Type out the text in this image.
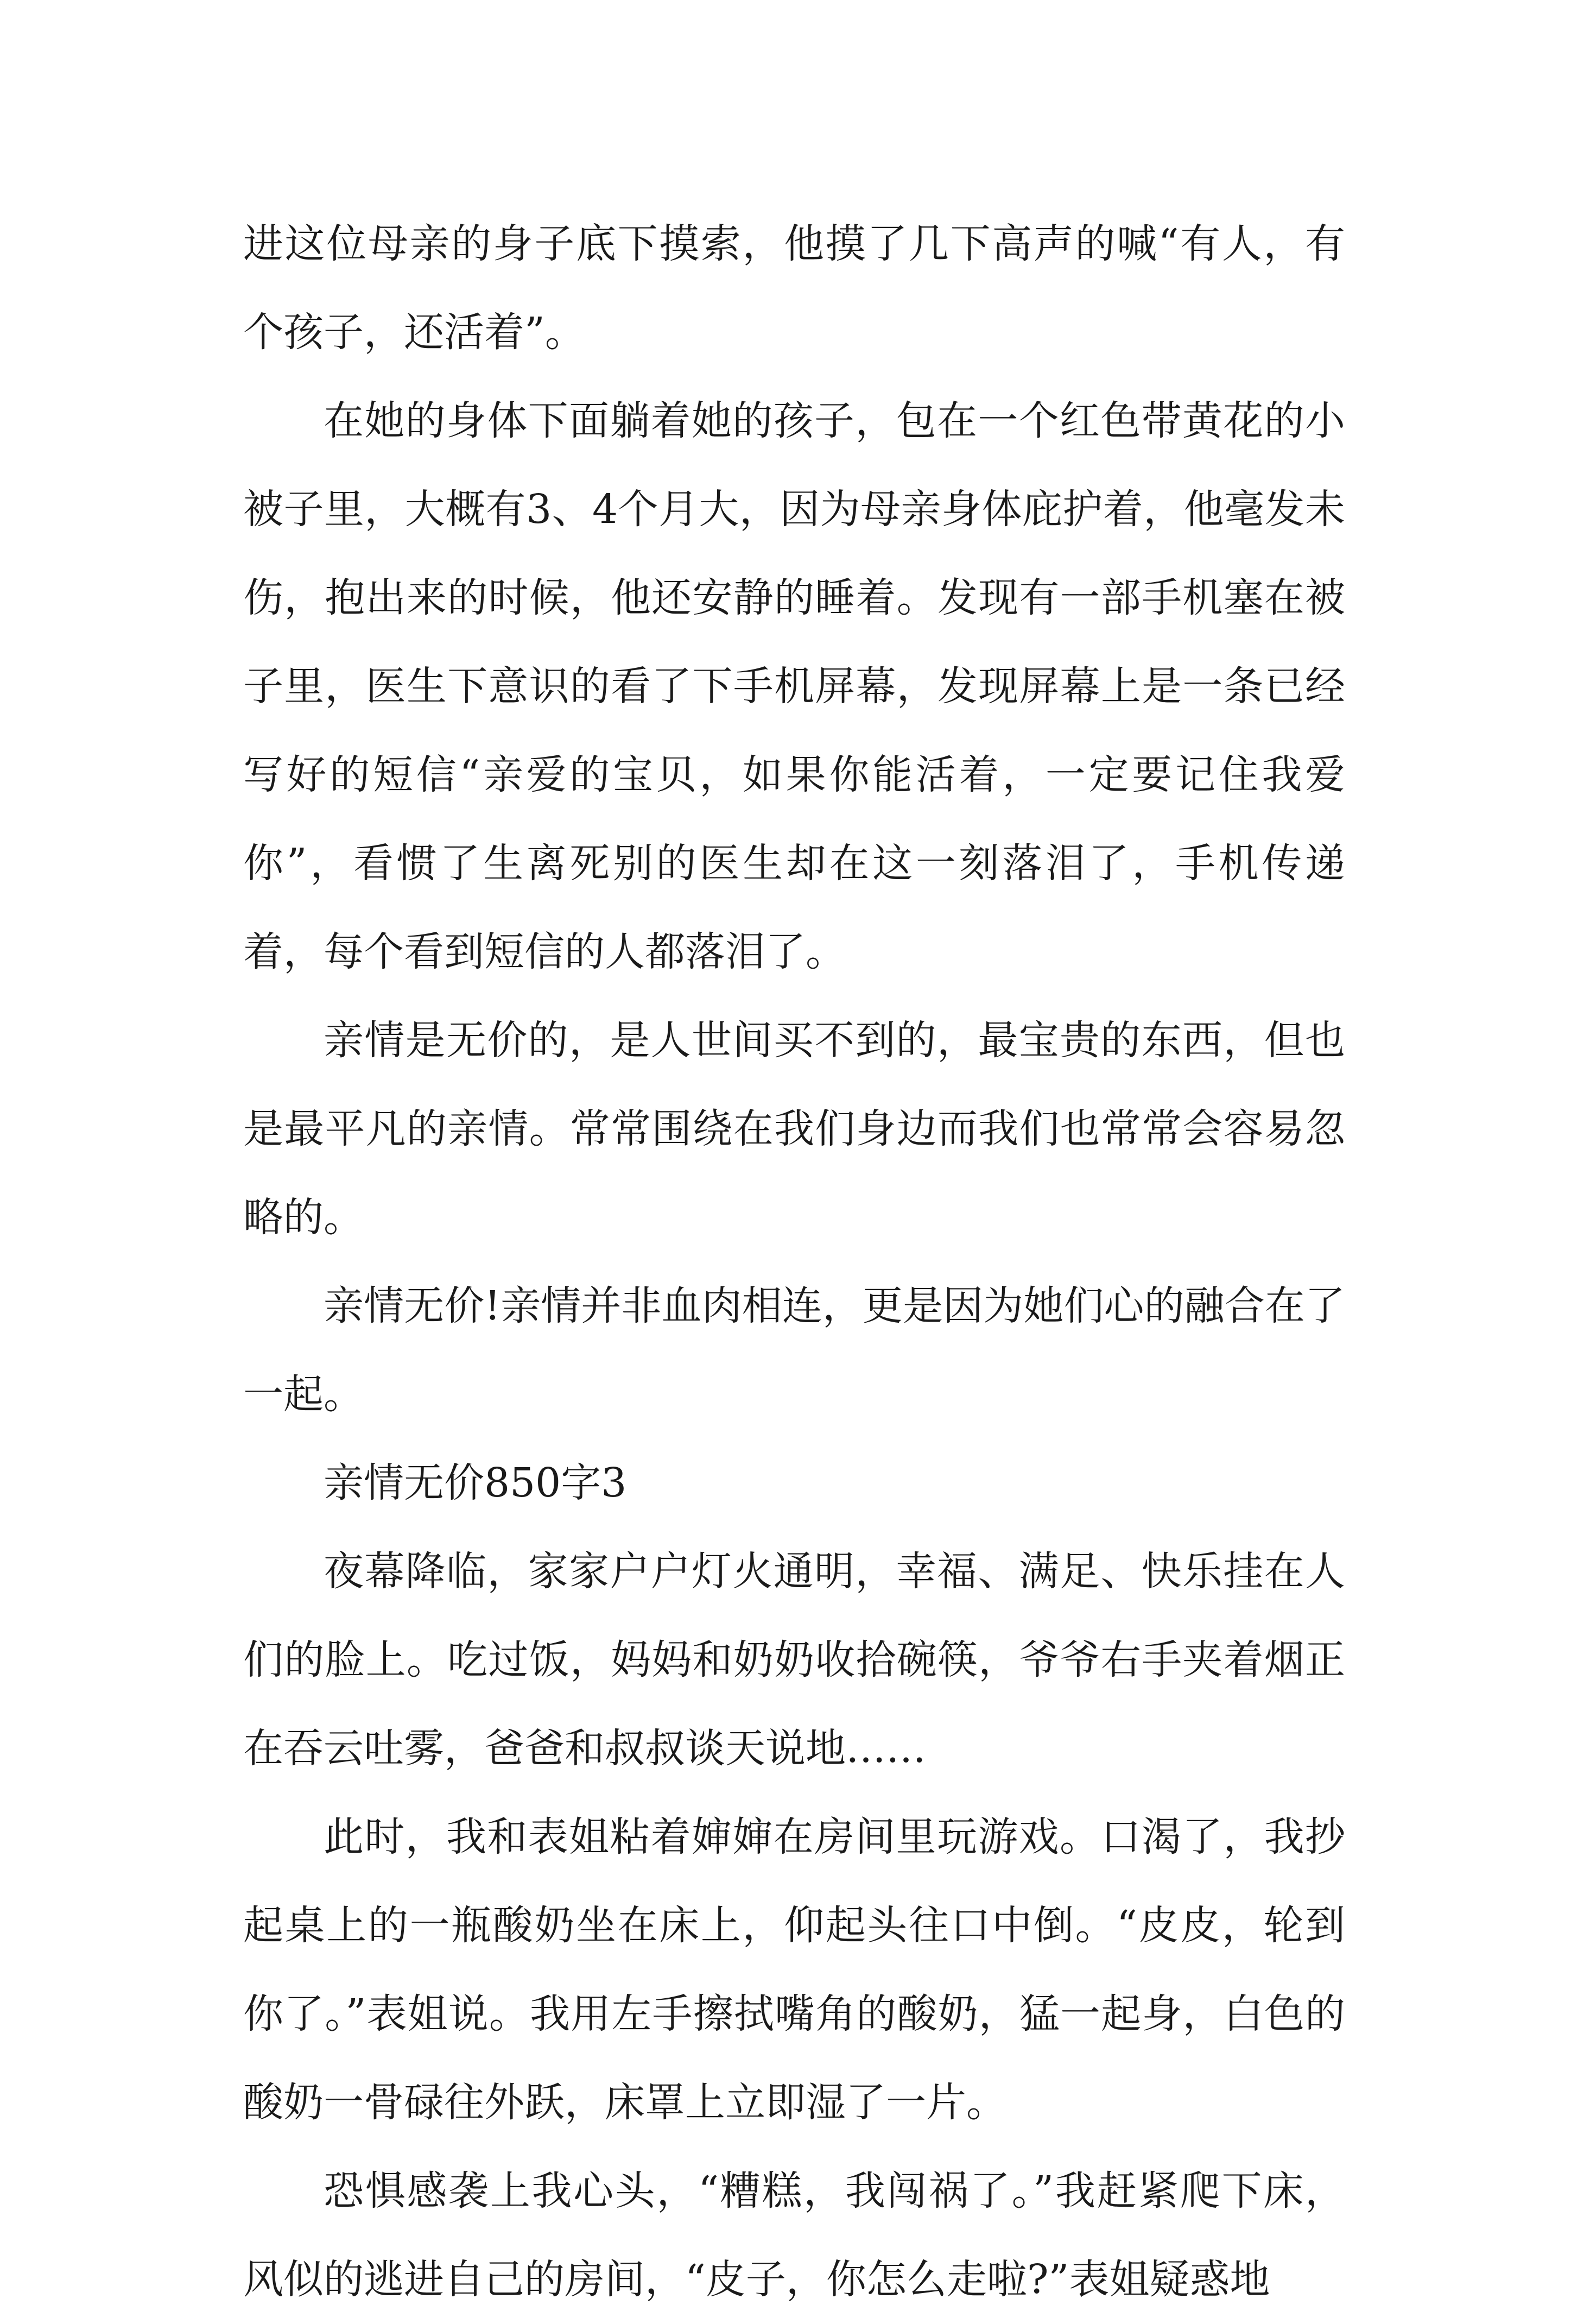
进这位母亲的身子底下摸索，他摸了几下高声的喊“有人，有个孩子，还活着”。

在她的身体下面躺着她的孩子，包在一个红色带黄花的小被子里，大概有3、4个月大，因为母亲身体庇护着，他毫发未伤，抱出来的时候，他还安静的睡着。发现有一部手机塞在被子里，医生下意识的看了下手机屏幕，发现屏幕上是一条已经写好的短信“亲爱的宝贝，如果你能活着，一定要记住我爱你”，看惯了生离死别的医生却在这一刻落泪了，手机传递着，每个看到短信的人都落泪了。

亲情是无价的，是人世间买不到的，最宝贵的东西，但也是最平凡的亲情。常常围绕在我们身边而我们也常常会容易忽略的。

亲情无价!亲情并非血肉相连，更是因为她们心的融合在了一起。

亲情无价850字3

夜幕降临，家家户户灯火通明，幸福、满足、快乐挂在人们的脸上。吃过饭，妈妈和奶奶收拾碗筷，爷爷右手夹着烟正在吞云吐雾，爸爸和叔叔谈天说地……

此时，我和表姐粘着婶婶在房间里玩游戏。口渴了，我抄起桌上的一瓶酸奶坐在床上，仰起头往口中倒。“皮皮，轮到你了。”表姐说。我用左手擦拭嘴角的酸奶，猛一起身，白色的酸奶一骨碌往外跃，床罩上立即湿了一片。

恐惧感袭上我心头，“糟糕，我闯祸了。”我赶紧爬下床，风似的逃进自己的房间，“皮子，你怎么走啦?”表姐疑惑地
